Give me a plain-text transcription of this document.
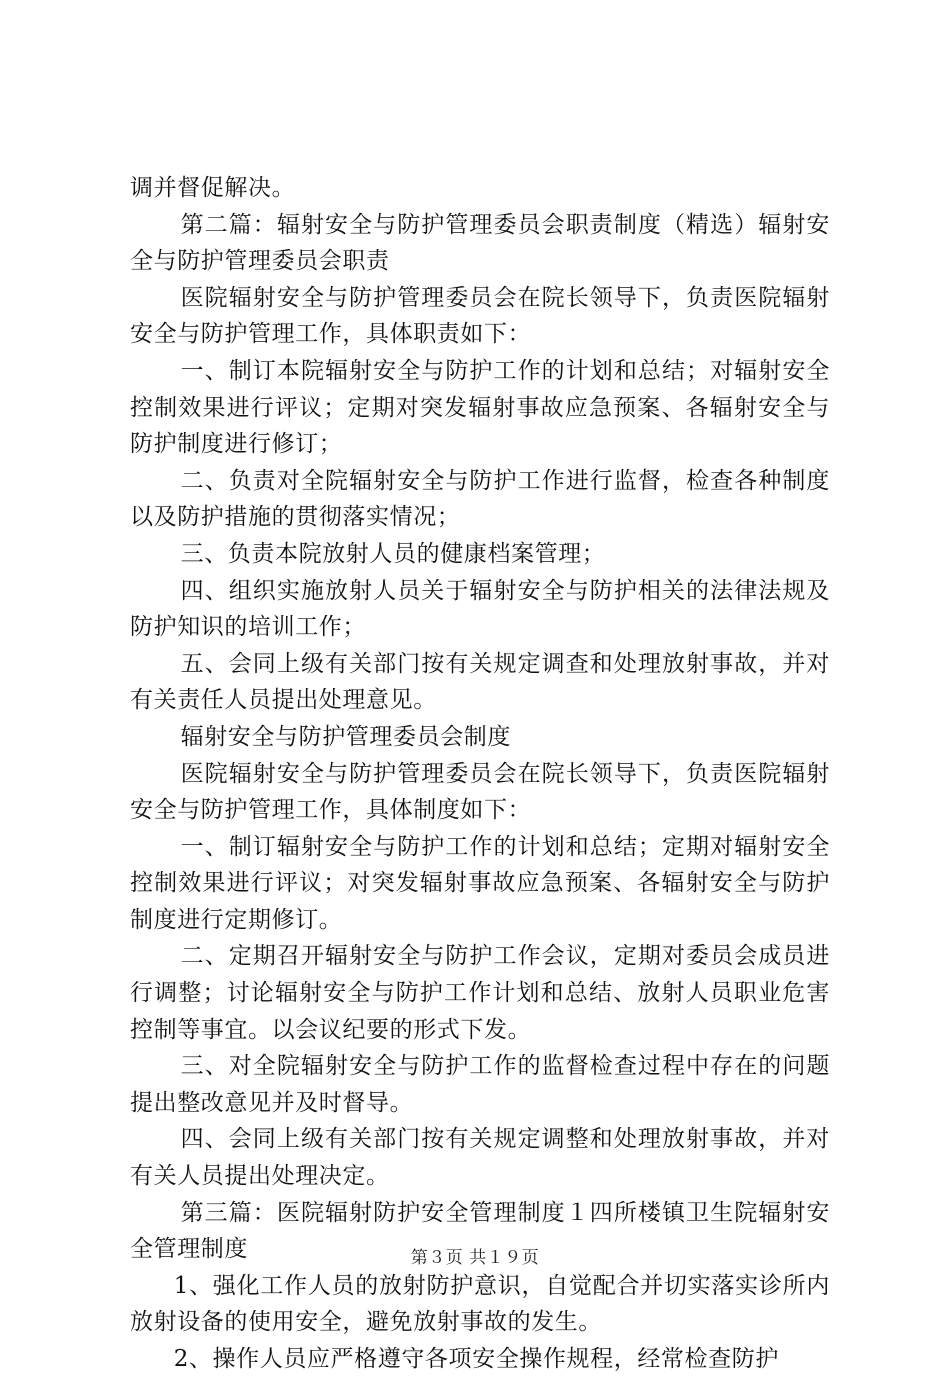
调并督促解决。

第二篇：辐射安全与防护管理委员会职责制度（精选）辐射安全与防护管理委员会职责

医院辐射安全与防护管理委员会在院长领导下，负责医院辐射安全与防护管理工作，具体职责如下：

一、制订本院辐射安全与防护工作的计划和总结；对辐射安全控制效果进行评议；定期对突发辐射事故应急预案、各辐射安全与防护制度进行修订；

二、负责对全院辐射安全与防护工作进行监督，检查各种制度以及防护措施的贯彻落实情况；

三、负责本院放射人员的健康档案管理；

四、组织实施放射人员关于辐射安全与防护相关的法律法规及防护知识的培训工作；

五、会同上级有关部门按有关规定调查和处理放射事故，并对有关责任人员提出处理意见。

辐射安全与防护管理委员会制度

医院辐射安全与防护管理委员会在院长领导下，负责医院辐射安全与防护管理工作，具体制度如下：

一、制订辐射安全与防护工作的计划和总结；定期对辐射安全控制效果进行评议；对突发辐射事故应急预案、各辐射安全与防护制度进行定期修订。

二、定期召开辐射安全与防护工作会议，定期对委员会成员进行调整；讨论辐射安全与防护工作计划和总结、放射人员职业危害控制等事宜。以会议纪要的形式下发。

三、对全院辐射安全与防护工作的监督检查过程中存在的问题提出整改意见并及时督导。

四、会同上级有关部门按有关规定调整和处理放射事故，并对有关人员提出处理决定。

第三篇：医院辐射防护安全管理制度１四所楼镇卫生院辐射安全管理制度

1、强化工作人员的放射防护意识，自觉配合并切实落实诊所内放射设备的使用安全，避免放射事故的发生。

2、操作人员应严格遵守各项安全操作规程，经常检查防护

第３页 共１９页
